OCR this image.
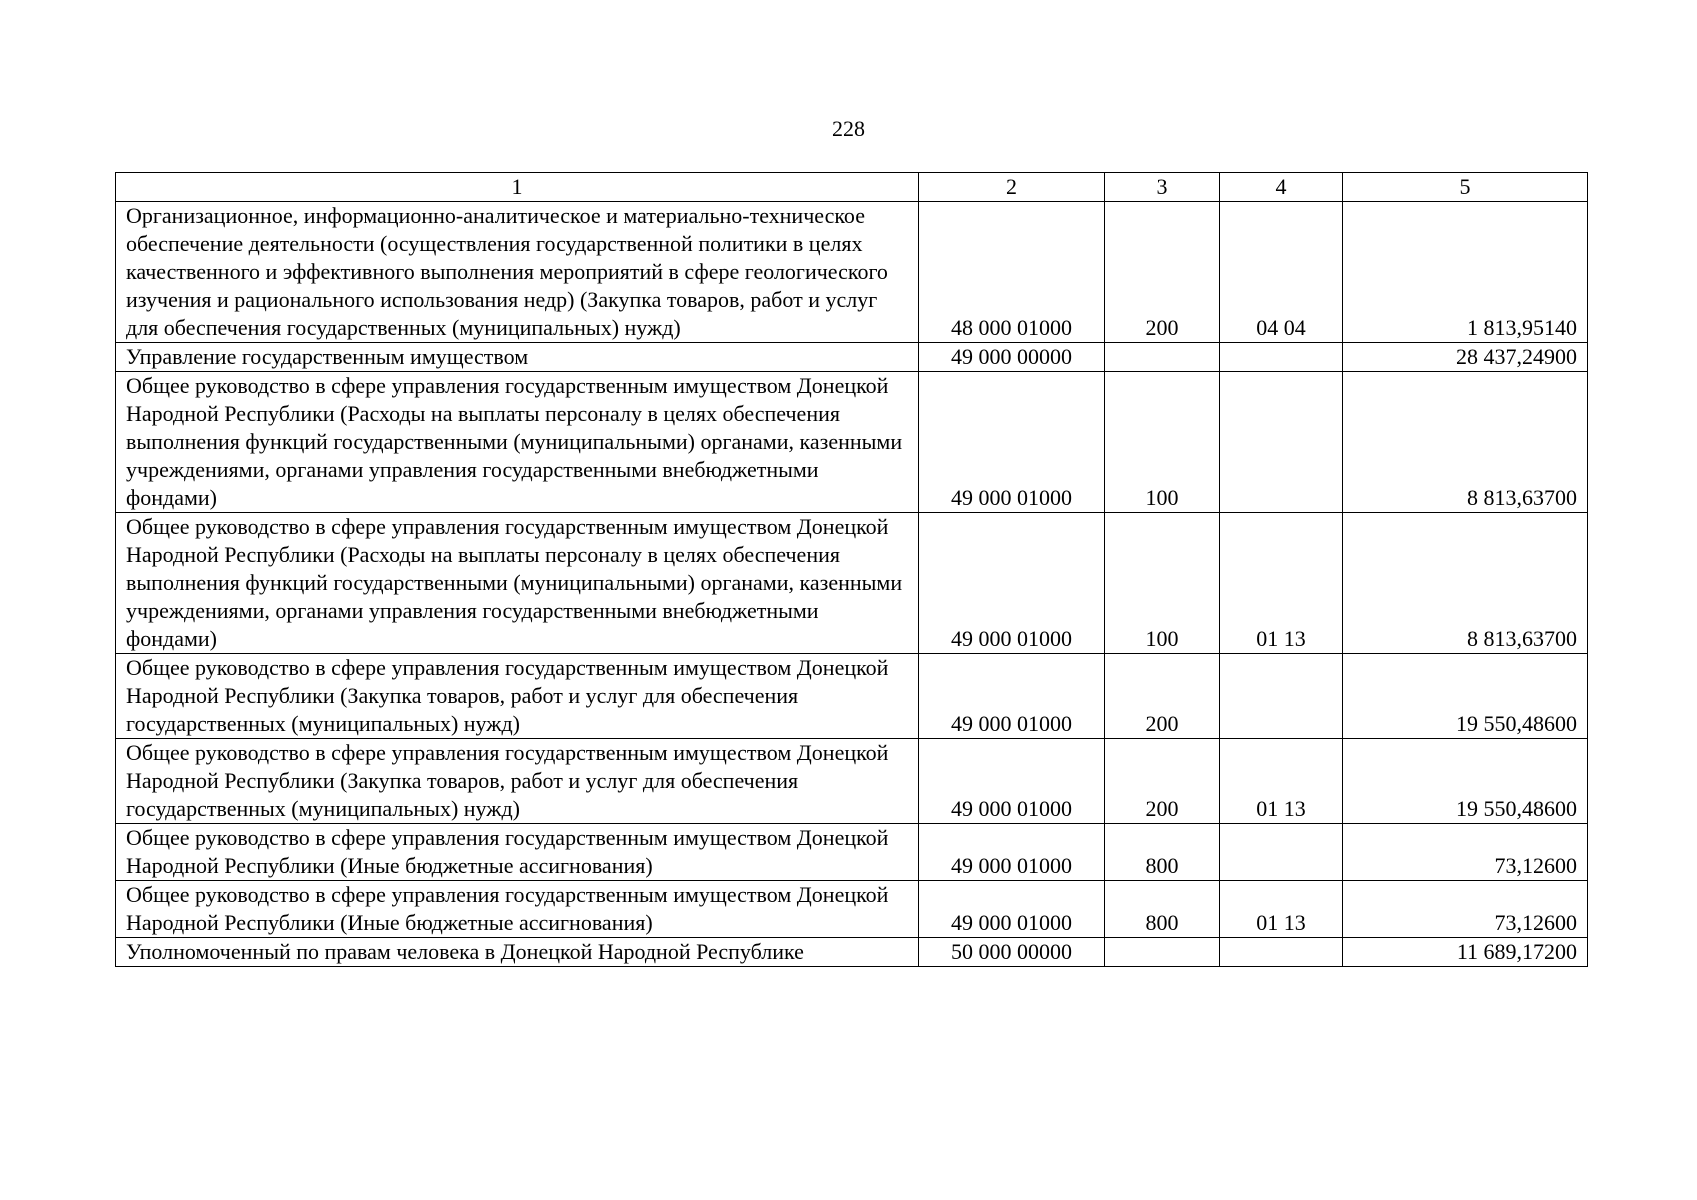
228
1	2	3	4	5
Организационное, информационно-аналитическое и материально-техническое обеспечение деятельности (осуществления государственной политики в целях качественного и эффективного выполнения мероприятий в сфере геологического изучения и рационального использования недр) (Закупка товаров, работ и услуг для обеспечения государственных (муниципальных) нужд)	48 000 01000	200	04 04	1 813,95140
Управление государственным имуществом	49 000 00000			28 437,24900
Общее руководство в сфере управления государственным имуществом Донецкой Народной Республики (Расходы на выплаты персоналу в целях обеспечения выполнения функций государственными (муниципальными) органами, казенными учреждениями, органами управления государственными внебюджетными фондами)	49 000 01000	100		8 813,63700
Общее руководство в сфере управления государственным имуществом Донецкой Народной Республики (Расходы на выплаты персоналу в целях обеспечения выполнения функций государственными (муниципальными) органами, казенными учреждениями, органами управления государственными внебюджетными фондами)	49 000 01000	100	01 13	8 813,63700
Общее руководство в сфере управления государственным имуществом Донецкой Народной Республики (Закупка товаров, работ и услуг для обеспечения государственных (муниципальных) нужд)	49 000 01000	200		19 550,48600
Общее руководство в сфере управления государственным имуществом Донецкой Народной Республики (Закупка товаров, работ и услуг для обеспечения государственных (муниципальных) нужд)	49 000 01000	200	01 13	19 550,48600
Общее руководство в сфере управления государственным имуществом Донецкой Народной Республики (Иные бюджетные ассигнования)	49 000 01000	800		73,12600
Общее руководство в сфере управления государственным имуществом Донецкой Народной Республики (Иные бюджетные ассигнования)	49 000 01000	800	01 13	73,12600
Уполномоченный по правам человека в Донецкой Народной Республике	50 000 00000			11 689,17200
